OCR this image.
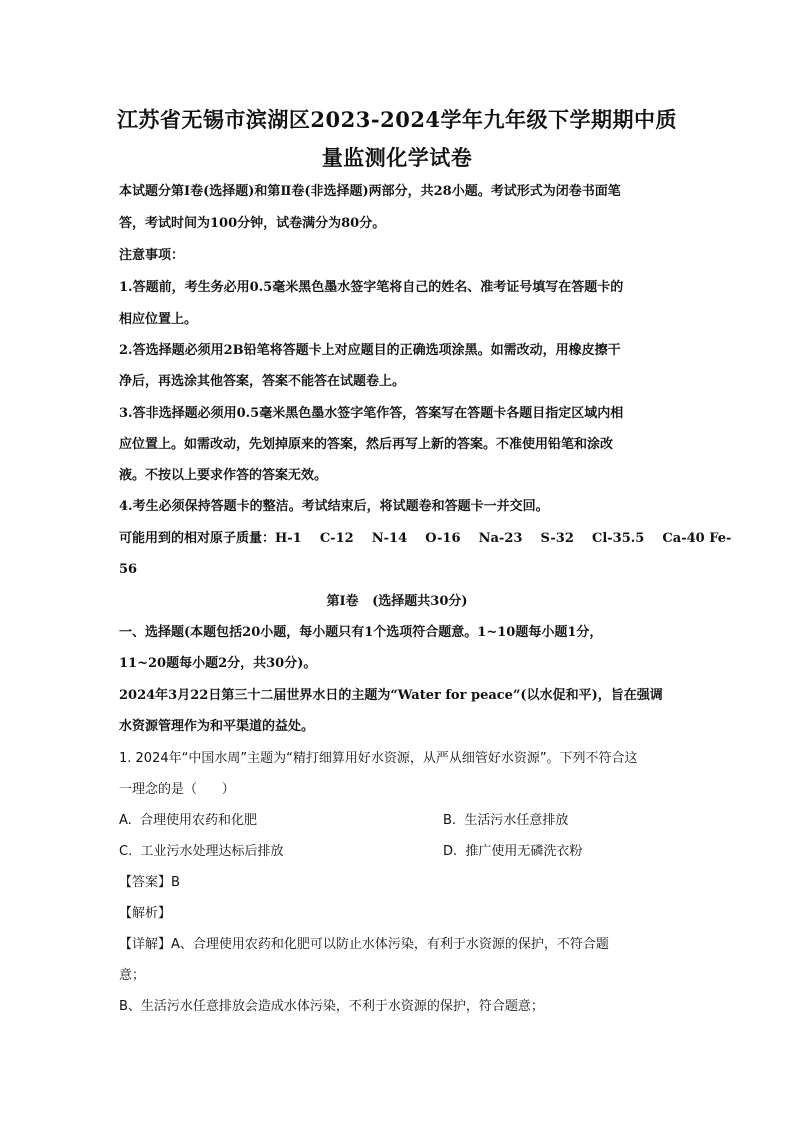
江苏省无锡市滨湖区2023-2024学年九年级下学期期中质
量监测化学试卷
本试题分第Ⅰ卷(选择题)和第Ⅱ卷(非选择题)两部分，共28小题。考试形式为闭卷书面笔
答，考试时间为100分钟，试卷满分为80分。
注意事项：
1.答题前，考生务必用0.5毫米黑色墨水签字笔将自己的姓名、准考证号填写在答题卡的
相应位置上。
2.答选择题必须用2B铅笔将答题卡上对应题目的正确选项涂黑。如需改动，用橡皮擦干
净后，再选涂其他答案，答案不能答在试题卷上。
3.答非选择题必须用0.5毫米黑色墨水签字笔作答，答案写在答题卡各题目指定区域内相
应位置上。如需改动，先划掉原来的答案，然后再写上新的答案。不准使用铅笔和涂改
液。不按以上要求作答的答案无效。
4.考生必须保持答题卡的整洁。考试结束后，将试题卷和答题卡一并交回。
可能用到的相对原子质量：H-1    C-12    N-14    O-16    Na-23    S-32    Cl-35.5    Ca-40 Fe-
56
第Ⅰ卷   (选择题共30分)
一、选择题(本题包括20小题，每小题只有1个选项符合题意。1~10题每小题1分，
11~20题每小题2分，共30分)。
2024年3月22日第三十二届世界水日的主题为“Water for peace”(以水促和平)，旨在强调
水资源管理作为和平渠道的益处。
1. 2024年“中国水周”主题为“精打细算用好水资源，从严从细管好水资源”。下列不符合这
一理念的是（      ）
A.  合理使用农药和化肥	B.  生活污水任意排放
C.  工业污水处理达标后排放	D.  推广使用无磷洗衣粉
【答案】B
【解析】
【详解】A、合理使用农药和化肥可以防止水体污染，有利于水资源的保护，不符合题
意；
B、生活污水任意排放会造成水体污染，不利于水资源的保护，符合题意；
